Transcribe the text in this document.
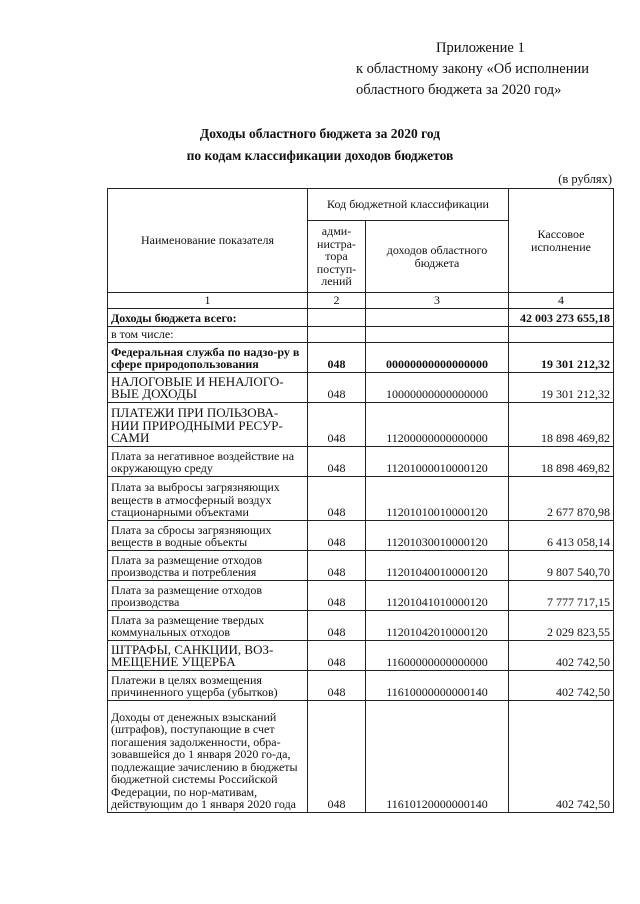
Приложение 1
к областному закону «Об исполнении
областного бюджета за 2020 год»
Доходы областного бюджета за 2020 год
по кодам классификации доходов бюджетов
(в рублях)
Наименование показателя	Код бюджетной классификации		Кассовое исполнение
	адми-нистра-тора поступ-лений	доходов областного бюджета	
1	2	3	4
Доходы бюджета всего:			42 003 273 655,18
в том числе:			
Федеральная служба по надзо-ру в сфере природопользования	048	00000000000000000	19 301 212,32
НАЛОГОВЫЕ И НЕНАЛОГО-ВЫЕ ДОХОДЫ	048	10000000000000000	19 301 212,32
ПЛАТЕЖИ ПРИ ПОЛЬЗОВА-НИИ ПРИРОДНЫМИ РЕСУР-САМИ	048	11200000000000000	18 898 469,82
Плата за негативное воздействие на окружающую среду	048	11201000010000120	18 898 469,82
Плата за выбросы загрязняющих веществ в атмосферный воздух стационарными объектами	048	11201010010000120	2 677 870,98
Плата за сбросы загрязняющих веществ в водные объекты	048	11201030010000120	6 413 058,14
Плата за размещение отходов производства и потребления	048	11201040010000120	9 807 540,70
Плата за размещение отходов производства	048	11201041010000120	7 777 717,15
Плата за размещение твердых коммунальных отходов	048	11201042010000120	2 029 823,55
ШТРАФЫ, САНКЦИИ, ВОЗ-МЕЩЕНИЕ УЩЕРБА	048	11600000000000000	402 742,50
Платежи в целях возмещения причиненного ущерба (убытков)	048	11610000000000140	402 742,50
Доходы от денежных взысканий (штрафов), поступающие в счет погашения задолженности, обра-зовавшейся до 1 января 2020 го-да, подлежащие зачислению в бюджеты бюджетной системы Российской Федерации, по нор-мативам, действующим до 1 января 2020 года	048	11610120000000140	402 742,50
